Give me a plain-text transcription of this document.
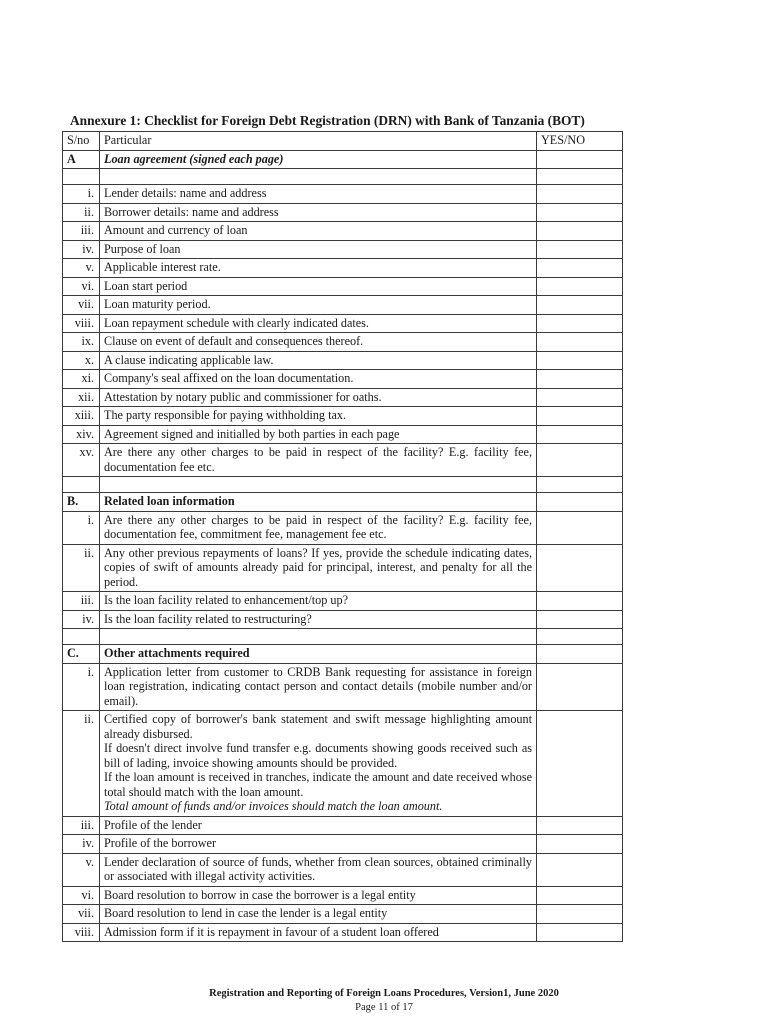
Annexure 1: Checklist for Foreign Debt Registration (DRN) with Bank of Tanzania (BOT)
S/no	Particular	YES/NO
A	Loan agreement (signed each page)	

i.	Lender details: name and address	
ii.	Borrower details: name and address	
iii.	Amount and currency of loan	
iv.	Purpose of loan	
v.	Applicable interest rate.	
vi.	Loan start period	
vii.	Loan maturity period.	
viii.	Loan repayment schedule with clearly indicated dates.	
ix.	Clause on event of default and consequences thereof.	
x.	A clause indicating applicable law.	
xi.	Company's seal affixed on the loan documentation.	
xii.	Attestation by notary public and commissioner for oaths.	
xiii.	The party responsible for paying withholding tax.	
xiv.	Agreement signed and initialled by both parties in each page	
xv.	Are there any other charges to be paid in respect of the facility? E.g. facility fee, documentation fee etc.	

B.	Related loan information	
i.	Are there any other charges to be paid in respect of the facility? E.g. facility fee, documentation fee, commitment fee, management fee etc.	
ii.	Any other previous repayments of loans? If yes, provide the schedule indicating dates, copies of swift of amounts already paid for principal, interest, and penalty for all the period.	
iii.	Is the loan facility related to enhancement/top up?	
iv.	Is the loan facility related to restructuring?	

C.	Other attachments required	
i.	Application letter from customer to CRDB Bank requesting for assistance in foreign loan registration, indicating contact person and contact details (mobile number and/or email).	
ii.	Certified copy of borrower's bank statement and swift message highlighting amount already disbursed.
If doesn't direct involve fund transfer e.g. documents showing goods received such as bill of lading, invoice showing amounts should be provided.
If the loan amount is received in tranches, indicate the amount and date received whose total should match with the loan amount.
Total amount of funds and/or invoices should match the loan amount.	

iii.	Profile of the lender	
iv.	Profile of the borrower	
v.	Lender declaration of source of funds, whether from clean sources, obtained criminally or associated with illegal activity activities.	
vi.	Board resolution to borrow in case the borrower is a legal entity	
vii.	Board resolution to lend in case the lender is a legal entity	
viii.	Admission form if it is repayment in favour of a student loan offered	
Registration and Reporting of Foreign Loans Procedures, Version1, June 2020
Page 11 of 17
